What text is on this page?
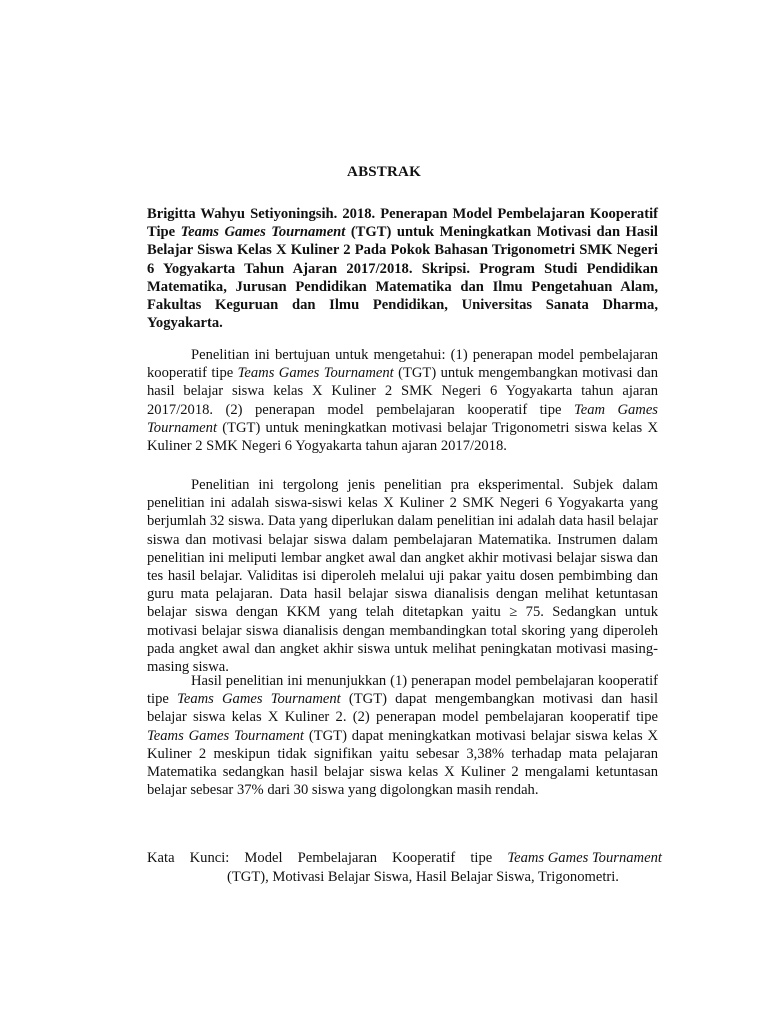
ABSTRAK

Brigitta Wahyu Setiyoningsih. 2018. Penerapan Model Pembelajaran Kooperatif Tipe Teams Games Tournament (TGT) untuk Meningkatkan Motivasi dan Hasil Belajar Siswa Kelas X Kuliner 2 Pada Pokok Bahasan Trigonometri SMK Negeri 6 Yogyakarta Tahun Ajaran 2017/2018. Skripsi. Program Studi Pendidikan Matematika, Jurusan Pendidikan Matematika dan Ilmu Pengetahuan Alam, Fakultas Keguruan dan Ilmu Pendidikan, Universitas Sanata Dharma, Yogyakarta.

Penelitian ini bertujuan untuk mengetahui: (1) penerapan model pembelajaran kooperatif tipe Teams Games Tournament (TGT) untuk mengembangkan motivasi dan hasil belajar siswa kelas X Kuliner 2 SMK Negeri 6 Yogyakarta tahun ajaran 2017/2018. (2) penerapan model pembelajaran kooperatif tipe Team Games Tournament (TGT) untuk meningkatkan motivasi belajar Trigonometri siswa kelas X Kuliner 2 SMK Negeri 6 Yogyakarta tahun ajaran 2017/2018.

Penelitian ini tergolong jenis penelitian pra eksperimental. Subjek dalam penelitian ini adalah siswa-siswi kelas X Kuliner 2 SMK Negeri 6 Yogyakarta yang berjumlah 32 siswa. Data yang diperlukan dalam penelitian ini adalah data hasil belajar siswa dan motivasi belajar siswa dalam pembelajaran Matematika. Instrumen dalam penelitian ini meliputi lembar angket awal dan angket akhir motivasi belajar siswa dan tes hasil belajar. Validitas isi diperoleh melalui uji pakar yaitu dosen pembimbing dan guru mata pelajaran. Data hasil belajar siswa dianalisis dengan melihat ketuntasan belajar siswa dengan KKM yang telah ditetapkan yaitu ≥ 75. Sedangkan untuk motivasi belajar siswa dianalisis dengan membandingkan total skoring yang diperoleh pada angket awal dan angket akhir siswa untuk melihat peningkatan motivasi masing-masing siswa.

Hasil penelitian ini menunjukkan (1) penerapan model pembelajaran kooperatif tipe Teams Games Tournament (TGT) dapat mengembangkan motivasi dan hasil belajar siswa kelas X Kuliner 2. (2) penerapan model pembelajaran kooperatif tipe Teams Games Tournament (TGT) dapat meningkatkan motivasi belajar siswa kelas X Kuliner 2 meskipun tidak signifikan yaitu sebesar 3,38% terhadap mata pelajaran Matematika sedangkan hasil belajar siswa kelas X Kuliner 2 mengalami ketuntasan belajar sebesar 37% dari 30 siswa yang digolongkan masih rendah.

Kata Kunci: Model Pembelajaran Kooperatif tipe Teams Games Tournament
(TGT), Motivasi Belajar Siswa, Hasil Belajar Siswa, Trigonometri.
